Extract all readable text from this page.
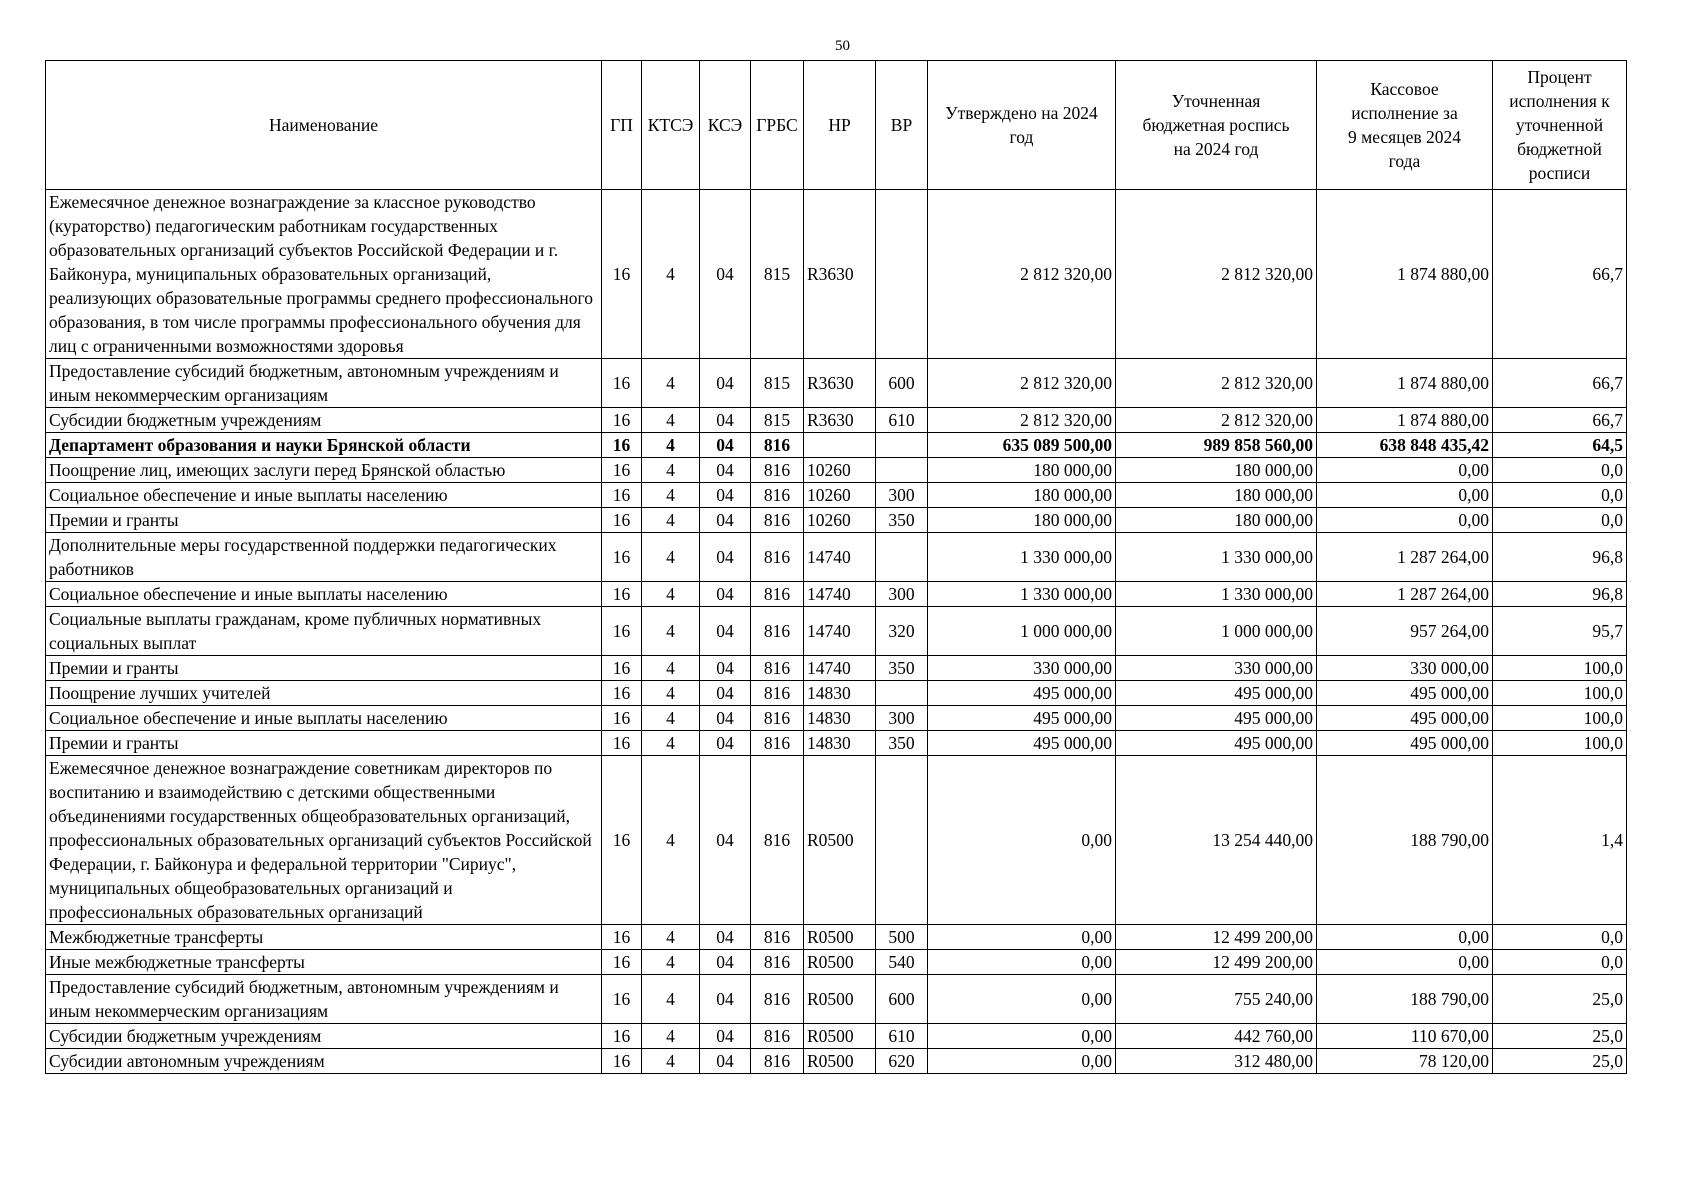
50
Наименование	ГП	КТСЭ	КСЭ	ГРБС	НР	ВР	Утверждено на 2024 год	Уточненная бюджетная роспись на 2024 год	Кассовое исполнение за 9 месяцев 2024 года	Процент исполнения к уточненной бюджетной росписи
Ежемесячное денежное вознаграждение за классное руководство (кураторство) педагогическим работникам государственных образовательных организаций субъектов Российской Федерации и г. Байконура, муниципальных образовательных организаций, реализующих образовательные программы среднего профессионального образования, в том числе программы профессионального обучения для лиц с ограниченными возможностями здоровья	16	4	04	815	R3630		2 812 320,00	2 812 320,00	1 874 880,00	66,7
Предоставление субсидий бюджетным, автономным учреждениям и иным некоммерческим организациям	16	4	04	815	R3630	600	2 812 320,00	2 812 320,00	1 874 880,00	66,7
Субсидии бюджетным учреждениям	16	4	04	815	R3630	610	2 812 320,00	2 812 320,00	1 874 880,00	66,7
Департамент образования и науки Брянской области	16	4	04	816			635 089 500,00	989 858 560,00	638 848 435,42	64,5
Поощрение лиц, имеющих заслуги перед Брянской областью	16	4	04	816	10260		180 000,00	180 000,00	0,00	0,0
Социальное обеспечение и иные выплаты населению	16	4	04	816	10260	300	180 000,00	180 000,00	0,00	0,0
Премии и гранты	16	4	04	816	10260	350	180 000,00	180 000,00	0,00	0,0
Дополнительные меры государственной поддержки педагогических работников	16	4	04	816	14740		1 330 000,00	1 330 000,00	1 287 264,00	96,8
Социальное обеспечение и иные выплаты населению	16	4	04	816	14740	300	1 330 000,00	1 330 000,00	1 287 264,00	96,8
Социальные выплаты гражданам, кроме публичных нормативных социальных выплат	16	4	04	816	14740	320	1 000 000,00	1 000 000,00	957 264,00	95,7
Премии и гранты	16	4	04	816	14740	350	330 000,00	330 000,00	330 000,00	100,0
Поощрение лучших учителей	16	4	04	816	14830		495 000,00	495 000,00	495 000,00	100,0
Социальное обеспечение и иные выплаты населению	16	4	04	816	14830	300	495 000,00	495 000,00	495 000,00	100,0
Премии и гранты	16	4	04	816	14830	350	495 000,00	495 000,00	495 000,00	100,0
Ежемесячное денежное вознаграждение советникам директоров по воспитанию и взаимодействию с детскими общественными объединениями государственных общеобразовательных организаций, профессиональных образовательных организаций субъектов Российской Федерации, г. Байконура и федеральной территории "Сириус", муниципальных общеобразовательных организаций и профессиональных образовательных организаций	16	4	04	816	R0500		0,00	13 254 440,00	188 790,00	1,4
Межбюджетные трансферты	16	4	04	816	R0500	500	0,00	12 499 200,00	0,00	0,0
Иные межбюджетные трансферты	16	4	04	816	R0500	540	0,00	12 499 200,00	0,00	0,0
Предоставление субсидий бюджетным, автономным учреждениям и иным некоммерческим организациям	16	4	04	816	R0500	600	0,00	755 240,00	188 790,00	25,0
Субсидии бюджетным учреждениям	16	4	04	816	R0500	610	0,00	442 760,00	110 670,00	25,0
Субсидии автономным учреждениям	16	4	04	816	R0500	620	0,00	312 480,00	78 120,00	25,0
